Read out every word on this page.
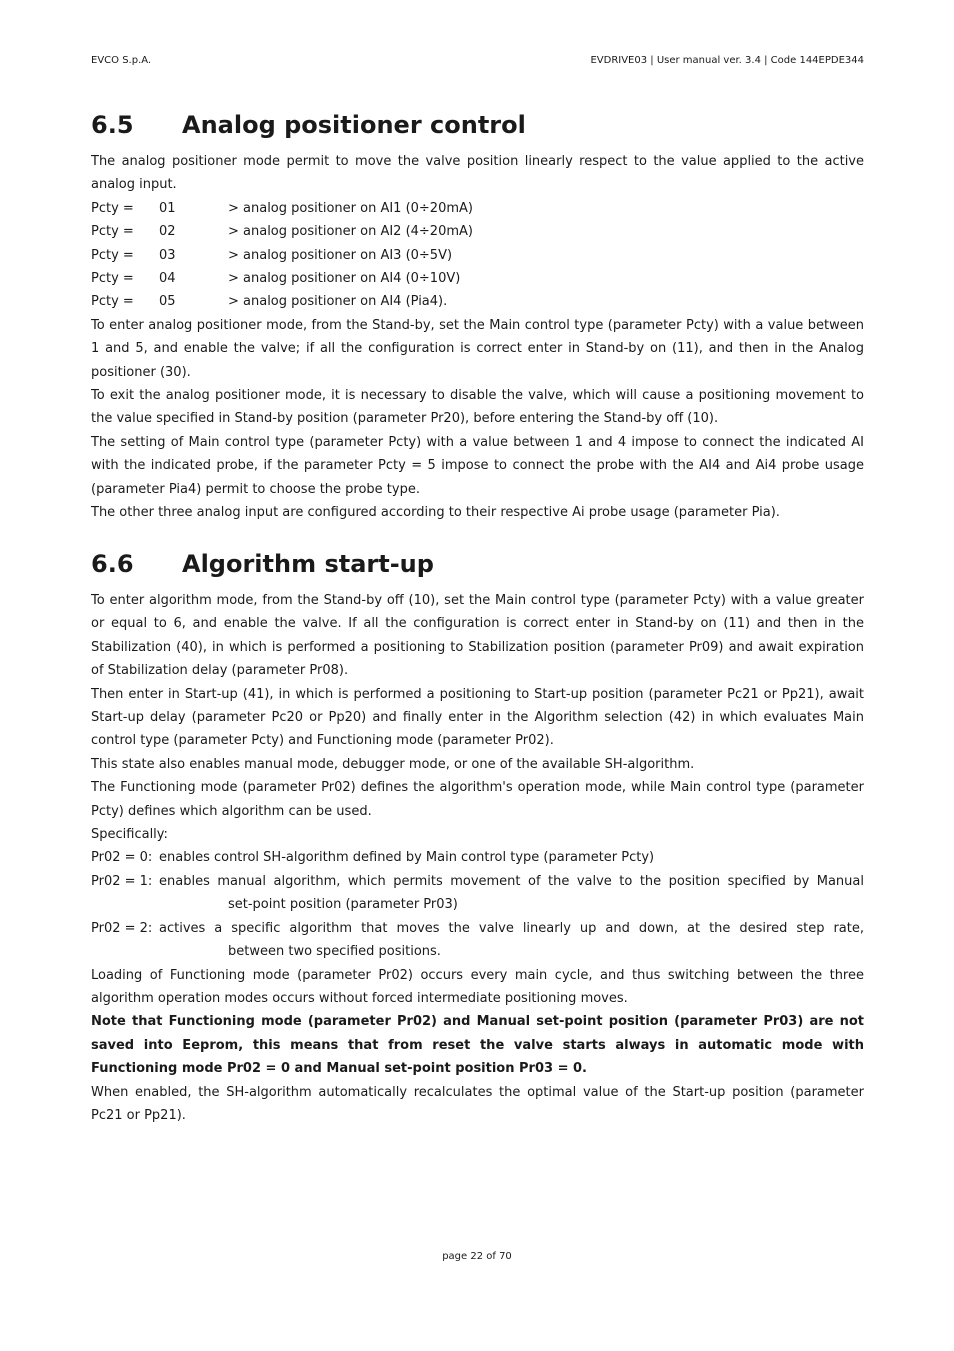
EVCO S.p.A.	EVDRIVE03 | User manual ver. 3.4 | Code 144EPDE344
6.5 Analog positioner control

The analog positioner mode permit to move the valve position linearly respect to the value applied to the active analog input.

Pcty =	01	> analog positioner on AI1 (0÷20mA)
Pcty =	02	> analog positioner on AI2 (4÷20mA)
Pcty =	03	> analog positioner on AI3 (0÷5V)
Pcty =	04	> analog positioner on AI4 (0÷10V)
Pcty =	05	> analog positioner on AI4 (Pia4).

To enter analog positioner mode, from the Stand-by, set the Main control type (parameter Pcty) with a value between 1 and 5, and enable the valve; if all the configuration is correct enter in Stand-by on (11), and then in the Analog positioner (30).

To exit the analog positioner mode, it is necessary to disable the valve, which will cause a positioning movement to the value specified in Stand-by position (parameter Pr20), before entering the Stand-by off (10).

The setting of Main control type (parameter Pcty) with a value between 1 and 4 impose to connect the indicated AI with the indicated probe, if the parameter Pcty = 5 impose to connect the probe with the AI4 and Ai4 probe usage (parameter Pia4) permit to choose the probe type.

The other three analog input are configured according to their respective Ai probe usage (parameter Pia).

6.6 Algorithm start-up

To enter algorithm mode, from the Stand-by off (10), set the Main control type (parameter Pcty) with a value greater or equal to 6, and enable the valve. If all the configuration is correct enter in Stand-by on (11) and then in the Stabilization (40), in which is performed a positioning to Stabilization position (parameter Pr09) and await expiration of Stabilization delay (parameter Pr08).

Then enter in Start-up (41), in which is performed a positioning to Start-up position (parameter Pc21 or Pp21), await Start-up delay (parameter Pc20 or Pp20) and finally enter in the Algorithm selection (42) in which evaluates Main control type (parameter Pcty) and Functioning mode (parameter Pr02).

This state also enables manual mode, debugger mode, or one of the available SH-algorithm.

The Functioning mode (parameter Pr02) defines the algorithm's operation mode, while Main control type (parameter Pcty) defines which algorithm can be used.

Specifically:

Pr02 = 0: enables control SH-algorithm defined by Main control type (parameter Pcty)
Pr02 = 1: enables manual algorithm, which permits movement of the valve to the position specified by Manual
set-point position (parameter Pr03)
Pr02 = 2: actives a specific algorithm that moves the valve linearly up and down, at the desired step rate,
between two specified positions.

Loading of Functioning mode (parameter Pr02) occurs every main cycle, and thus switching between the three algorithm operation modes occurs without forced intermediate positioning moves.

Note that Functioning mode (parameter Pr02) and Manual set-point position (parameter Pr03) are not saved into Eeprom, this means that from reset the valve starts always in automatic mode with Functioning mode Pr02 = 0 and Manual set-point position Pr03 = 0.

When enabled, the SH-algorithm automatically recalculates the optimal value of the Start-up position (parameter Pc21 or Pp21).

page 22 of 70
